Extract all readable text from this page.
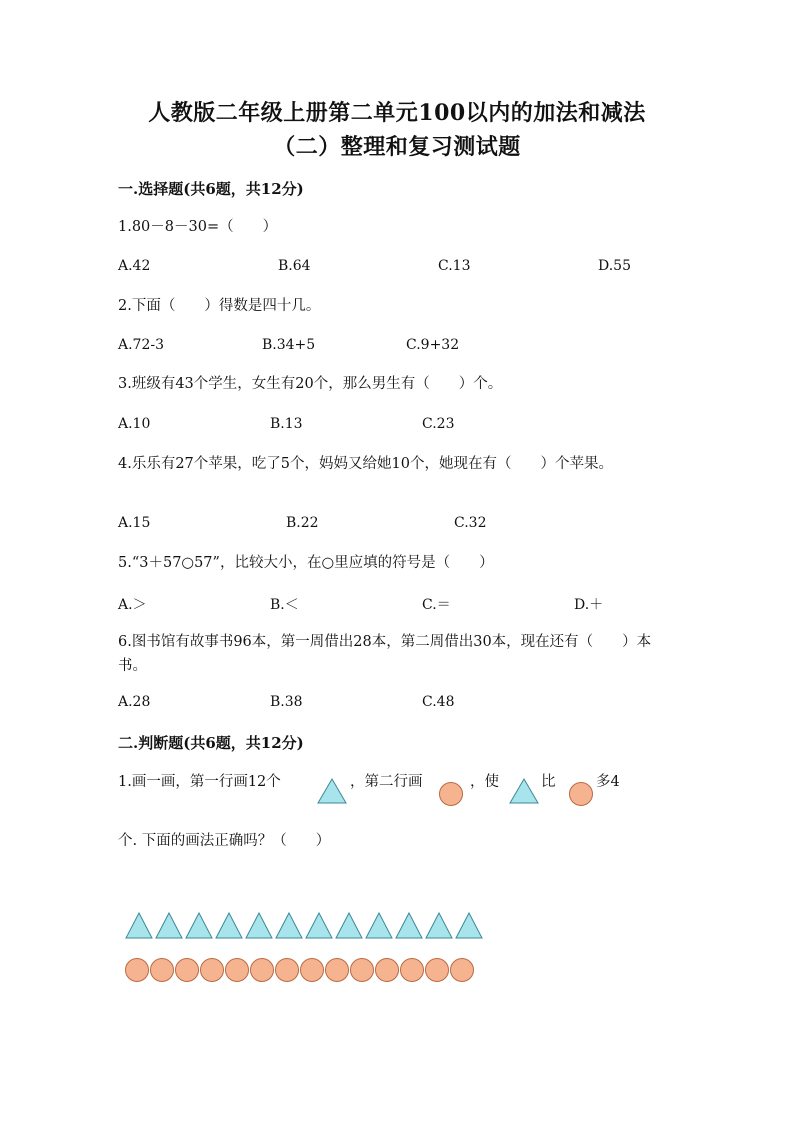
人教版二年级上册第二单元100以内的加法和减法
（二）整理和复习测试题
一.选择题(共6题，共12分)
1.80－8－30=（　　）
A.42	B.64	C.13	D.55
2.下面（　　）得数是四十几。
A.72-3	B.34+5	C.9+32
3.班级有43个学生，女生有20个，那么男生有（　　）个。
A.10	B.13	C.23
4.乐乐有27个苹果，吃了5个，妈妈又给她10个，她现在有（　　）个苹果。
A.15	B.22	C.32
5.“3＋57○57”，比较大小，在○里应填的符号是（　　）
A.＞	B.＜	C.＝	D.＋
6.图书馆有故事书96本，第一周借出28本，第二周借出30本，现在还有（　　）本书。
A.28	B.38	C.48
二.判断题(共6题，共12分)
1.画一画，第一行画12个	，第二行画	，使	比	多4
个. 下面的画法正确吗？（　　）
